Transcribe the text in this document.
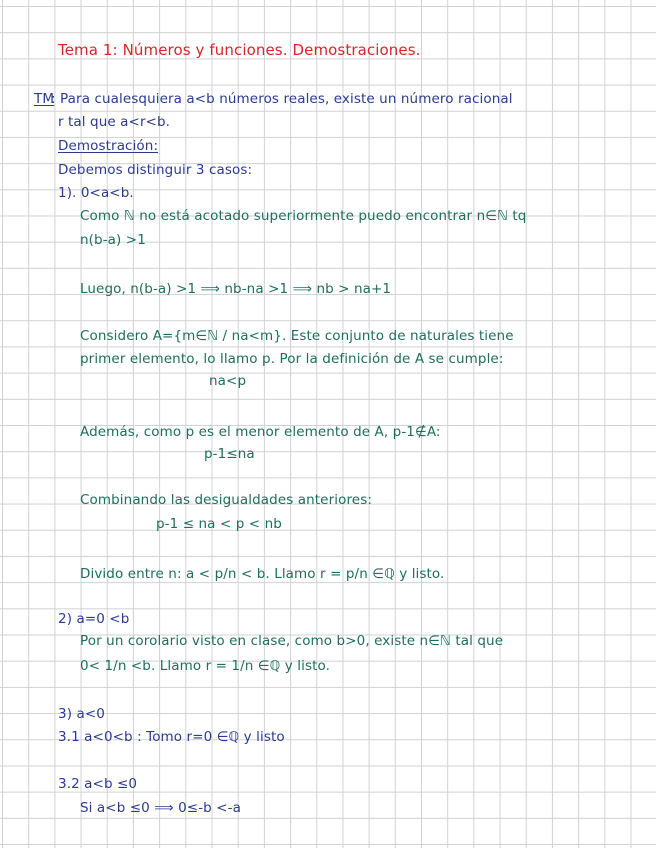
Tema 1: Números y funciones. Demostraciones.
TM
: Para cualesquiera a<b números reales, existe un número racional
r tal que a<r<b.
Demostración:
Debemos distinguir 3 casos:
1). 0<a<b.
Como ℕ no está acotado superiormente puedo encontrar n∈ℕ tq
n(b-a) >1
Luego, n(b-a) >1 ⟹ nb-na >1 ⟹ nb > na+1
Considero A={m∈ℕ / na<m}. Este conjunto de naturales tiene
primer elemento, lo llamo p. Por la definición de A se cumple:
na<p
Además, como p es el menor elemento de A, p-1∉A:
p-1≤na
Combinando las desigualdades anteriores:
p-1 ≤ na < p < nb
Divido entre n: a < p/n < b. Llamo r = p/n ∈ℚ y listo.
2) a=0 <b
Por un corolario visto en clase, como b>0, existe n∈ℕ tal que
0< 1/n <b. Llamo r = 1/n ∈ℚ y listo.
3) a<0
3.1 a<0<b : Tomo r=0 ∈ℚ y listo
3.2 a<b ≤0
Si a<b ≤0 ⟹ 0≤-b <-a
